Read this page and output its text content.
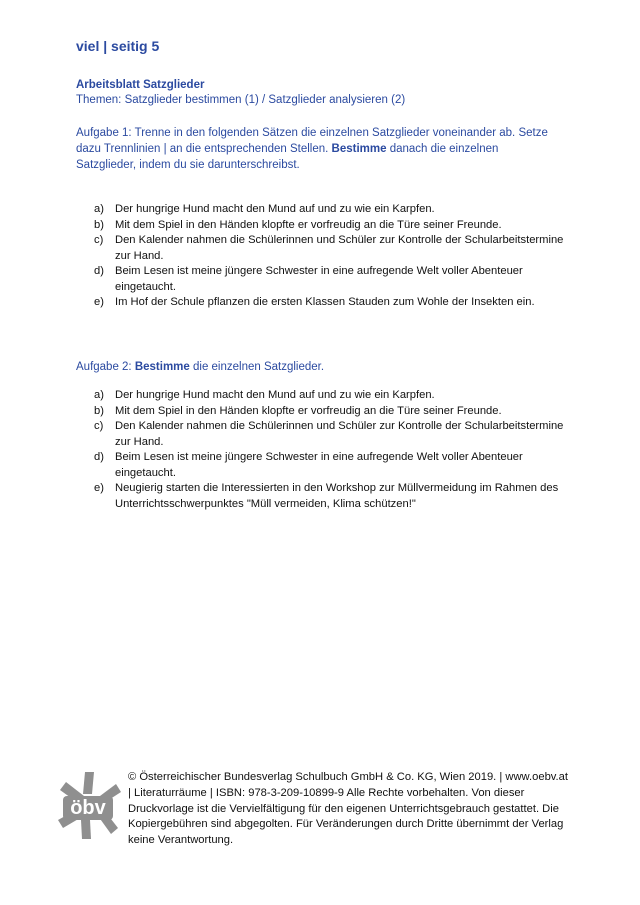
viel | seitig 5
Arbeitsblatt Satzglieder
Themen: Satzglieder bestimmen (1) / Satzglieder analysieren (2)
Aufgabe 1: Trenne in den folgenden Sätzen die einzelnen Satzglieder voneinander ab. Setze dazu Trennlinien | an die entsprechenden Stellen. Bestimme danach die einzelnen Satzglieder, indem du sie darunterschreibst.
a) Der hungrige Hund macht den Mund auf und zu wie ein Karpfen.
b) Mit dem Spiel in den Händen klopfte er vorfreudig an die Türe seiner Freunde.
c) Den Kalender nahmen die Schülerinnen und Schüler zur Kontrolle der Schularbeitstermine zur Hand.
d) Beim Lesen ist meine jüngere Schwester in eine aufregende Welt voller Abenteuer eingetaucht.
e) Im Hof der Schule pflanzen die ersten Klassen Stauden zum Wohle der Insekten ein.
Aufgabe 2: Bestimme die einzelnen Satzglieder.
a) Der hungrige Hund macht den Mund auf und zu wie ein Karpfen.
b) Mit dem Spiel in den Händen klopfte er vorfreudig an die Türe seiner Freunde.
c) Den Kalender nahmen die Schülerinnen und Schüler zur Kontrolle der Schularbeitstermine zur Hand.
d) Beim Lesen ist meine jüngere Schwester in eine aufregende Welt voller Abenteuer eingetaucht.
e) Neugierig starten die Interessierten in den Workshop zur Müllvermeidung im Rahmen des Unterrichtsschwerpunktes "Müll vermeiden, Klima schützen!"
öbv
© Österreichischer Bundesverlag Schulbuch GmbH & Co. KG, Wien 2019. | www.oebv.at | Literaturräume | ISBN: 978-3-209-10899-9 Alle Rechte vorbehalten. Von dieser Druckvorlage ist die Vervielfältigung für den eigenen Unterrichtsgebrauch gestattet. Die Kopiergebühren sind abgegolten. Für Veränderungen durch Dritte übernimmt der Verlag keine Verantwortung.
